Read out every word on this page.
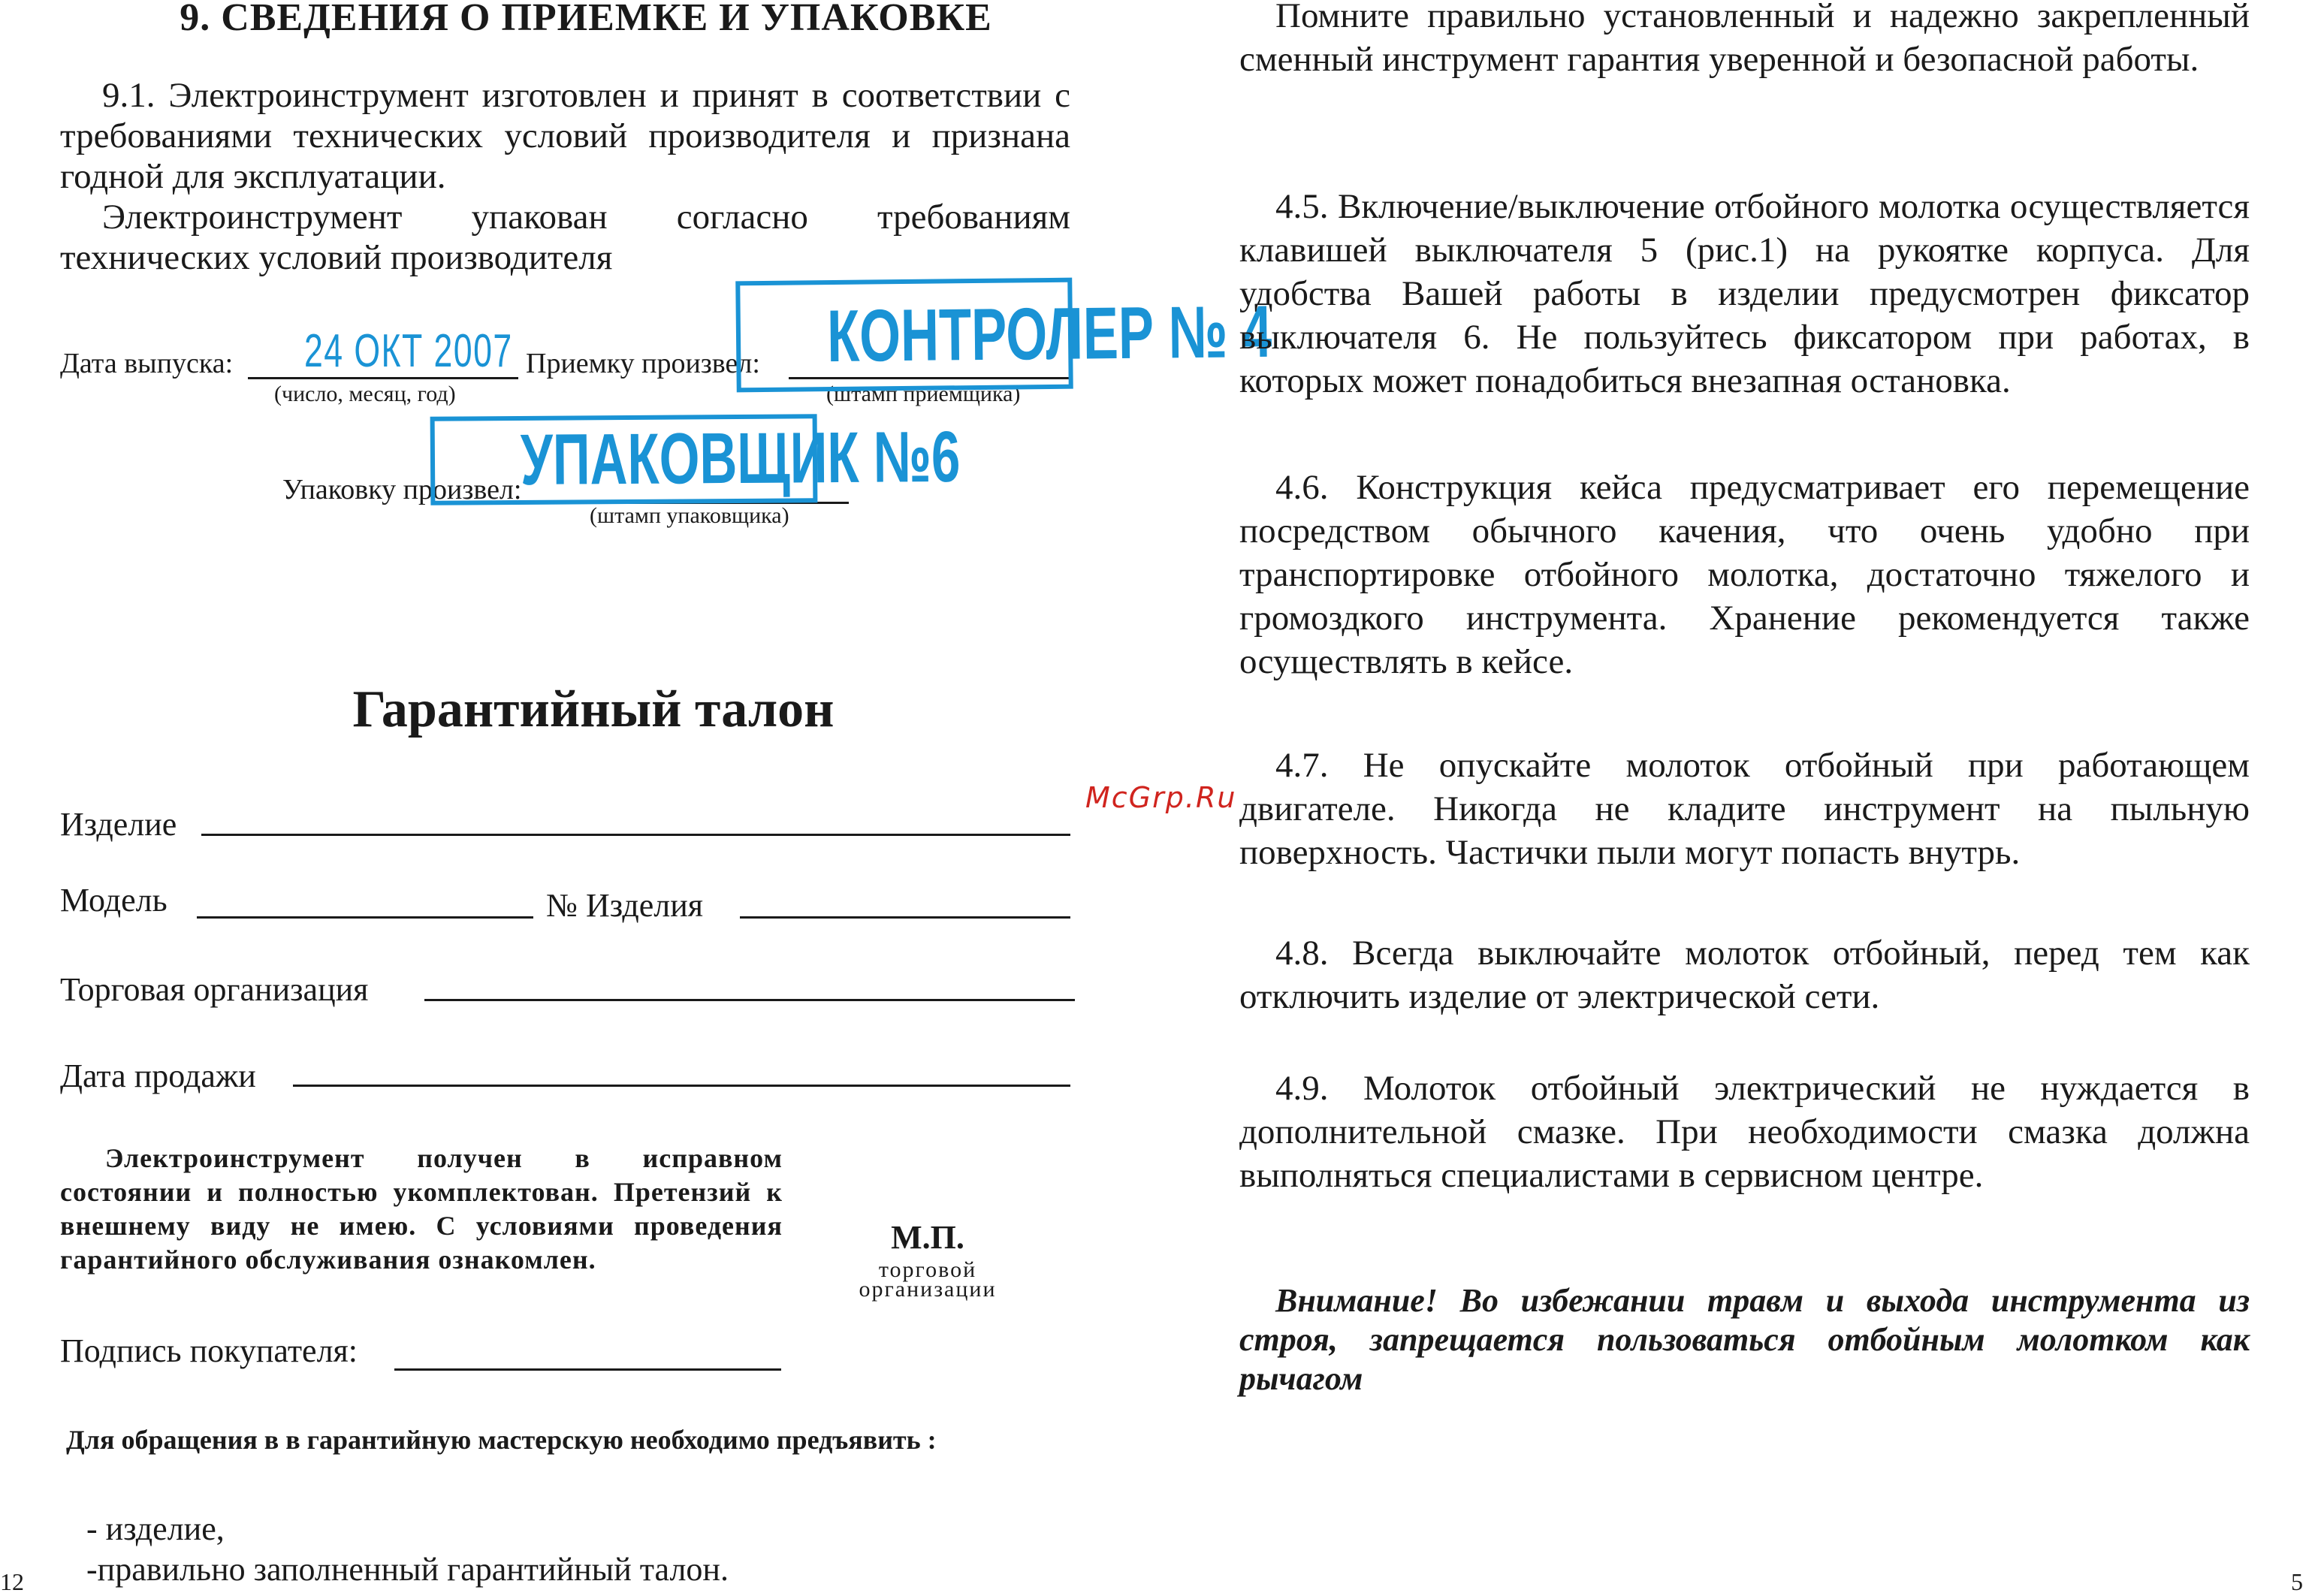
9. СВЕДЕНИЯ О ПРИЕМКЕ И УПАКОВКЕ
9.1. Электроинструмент изготовлен и принят в соответствии с требованиями технических условий производителя и признана годной для эксплуатации.
Электроинструмент упакован согласно требованиям технических условий производителя
Дата выпуска: 24 ОКТ 2007
(число, месяц, год)
Приемку произвел:
(штамп приемщика)
КОНТРОЛЕР № 4
Упаковку произвел:
(штамп упаковщика)
УПАКОВЩИК №6
Гарантийный талон
Изделие
Модель	№ Изделия
Торговая организация
Дата продажи
Электроинструмент получен в исправном состоянии и полностью укомплектован. Претензий к внешнему виду не имею. С условиями проведения гарантийного обслуживания ознакомлен.
М.П.
торговой
организации
Подпись покупателя:
Для обращения в в гарантийную мастерскую необходимо предъявить :
- изделие,
-правильно заполненный гарантийный талон.
12
McGrp.Ru
Помните правильно установленный и надежно закрепленный сменный инструмент гарантия уверенной и безопасной работы.
4.5. Включение/выключение отбойного молотка осуществляется клавишей выключателя 5 (рис.1) на рукоятке корпуса. Для удобства Вашей работы в изделии предусмотрен фиксатор выключателя 6. Не пользуйтесь фиксатором при работах, в которых может понадобиться внезапная остановка.
4.6. Конструкция кейса предусматривает его перемещение посредством обычного качения, что очень удобно при транспортировке отбойного молотка, достаточно тяжелого и громоздкого инструмента. Хранение рекомендуется также осуществлять в кейсе.
4.7. Не опускайте молоток отбойный при работающем двигателе. Никогда не кладите инструмент на пыльную поверхность. Частички пыли могут попасть внутрь.
4.8. Всегда выключайте молоток отбойный, перед тем как отключить изделие от электрической сети.
4.9. Молоток отбойный электрический не нуждается в дополнительной смазке. При необходимости смазка должна выполняться специалистами в сервисном центре.
Внимание! Во избежании травм и выхода инструмента из строя, запрещается пользоваться отбойным молотком как рычагом
5
